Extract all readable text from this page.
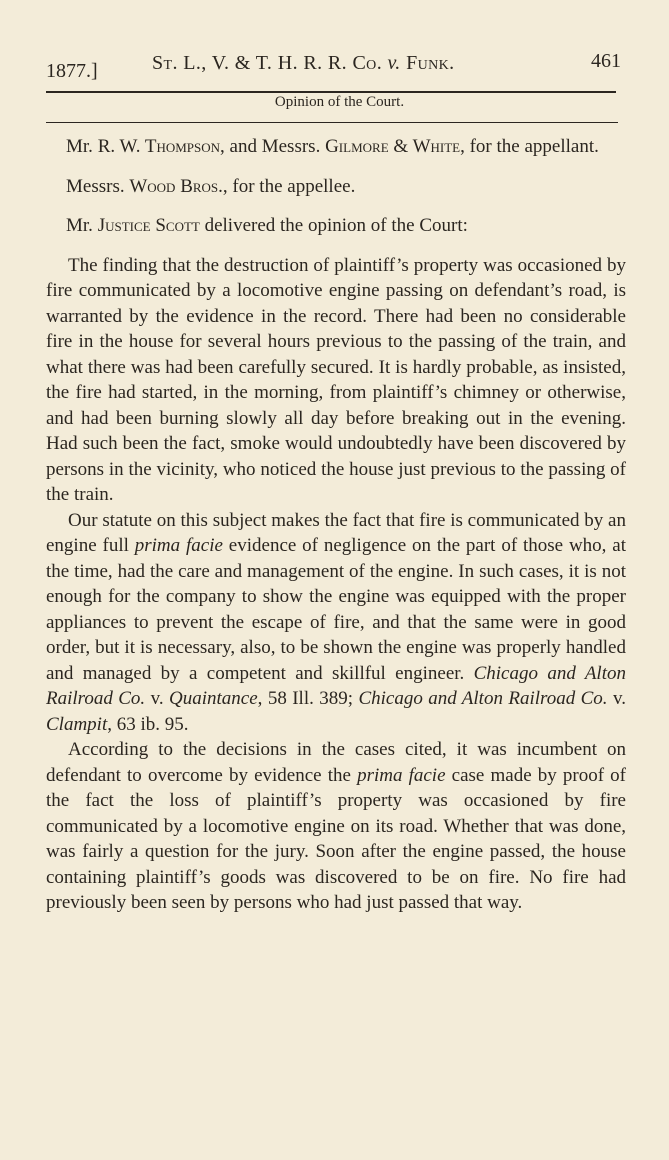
1877.]	St. L., V. & T. H. R. R. Co. v. Funk.	461
Opinion of the Court.

Mr. R. W. Thompson, and Messrs. Gilmore & White, for the appellant.

Messrs. Wood Bros., for the appellee.

Mr. Justice Scott delivered the opinion of the Court:

The finding that the destruction of plaintiff’s property was occasioned by fire communicated by a locomotive engine passing on defendant’s road, is warranted by the evidence in the record. There had been no considerable fire in the house for several hours previous to the passing of the train, and what there was had been carefully secured. It is hardly probable, as insisted, the fire had started, in the morning, from plaintiff’s chimney or otherwise, and had been burning slowly all day before breaking out in the evening. Had such been the fact, smoke would undoubtedly have been discovered by persons in the vicinity, who noticed the house just previous to the passing of the train.

Our statute on this subject makes the fact that fire is communicated by an engine full prima facie evidence of negligence on the part of those who, at the time, had the care and management of the engine. In such cases, it is not enough for the company to show the engine was equipped with the proper appliances to prevent the escape of fire, and that the same were in good order, but it is necessary, also, to be shown the engine was properly handled and managed by a competent and skillful engineer. Chicago and Alton Railroad Co. v. Quaintance, 58 Ill. 389; Chicago and Alton Railroad Co. v. Clampit, 63 ib. 95.

According to the decisions in the cases cited, it was incumbent on defendant to overcome by evidence the prima facie case made by proof of the fact the loss of plaintiff’s property was occasioned by fire communicated by a locomotive engine on its road. Whether that was done, was fairly a question for the jury. Soon after the engine passed, the house containing plaintiff’s goods was discovered to be on fire. No fire had previously been seen by persons who had just passed that way.
